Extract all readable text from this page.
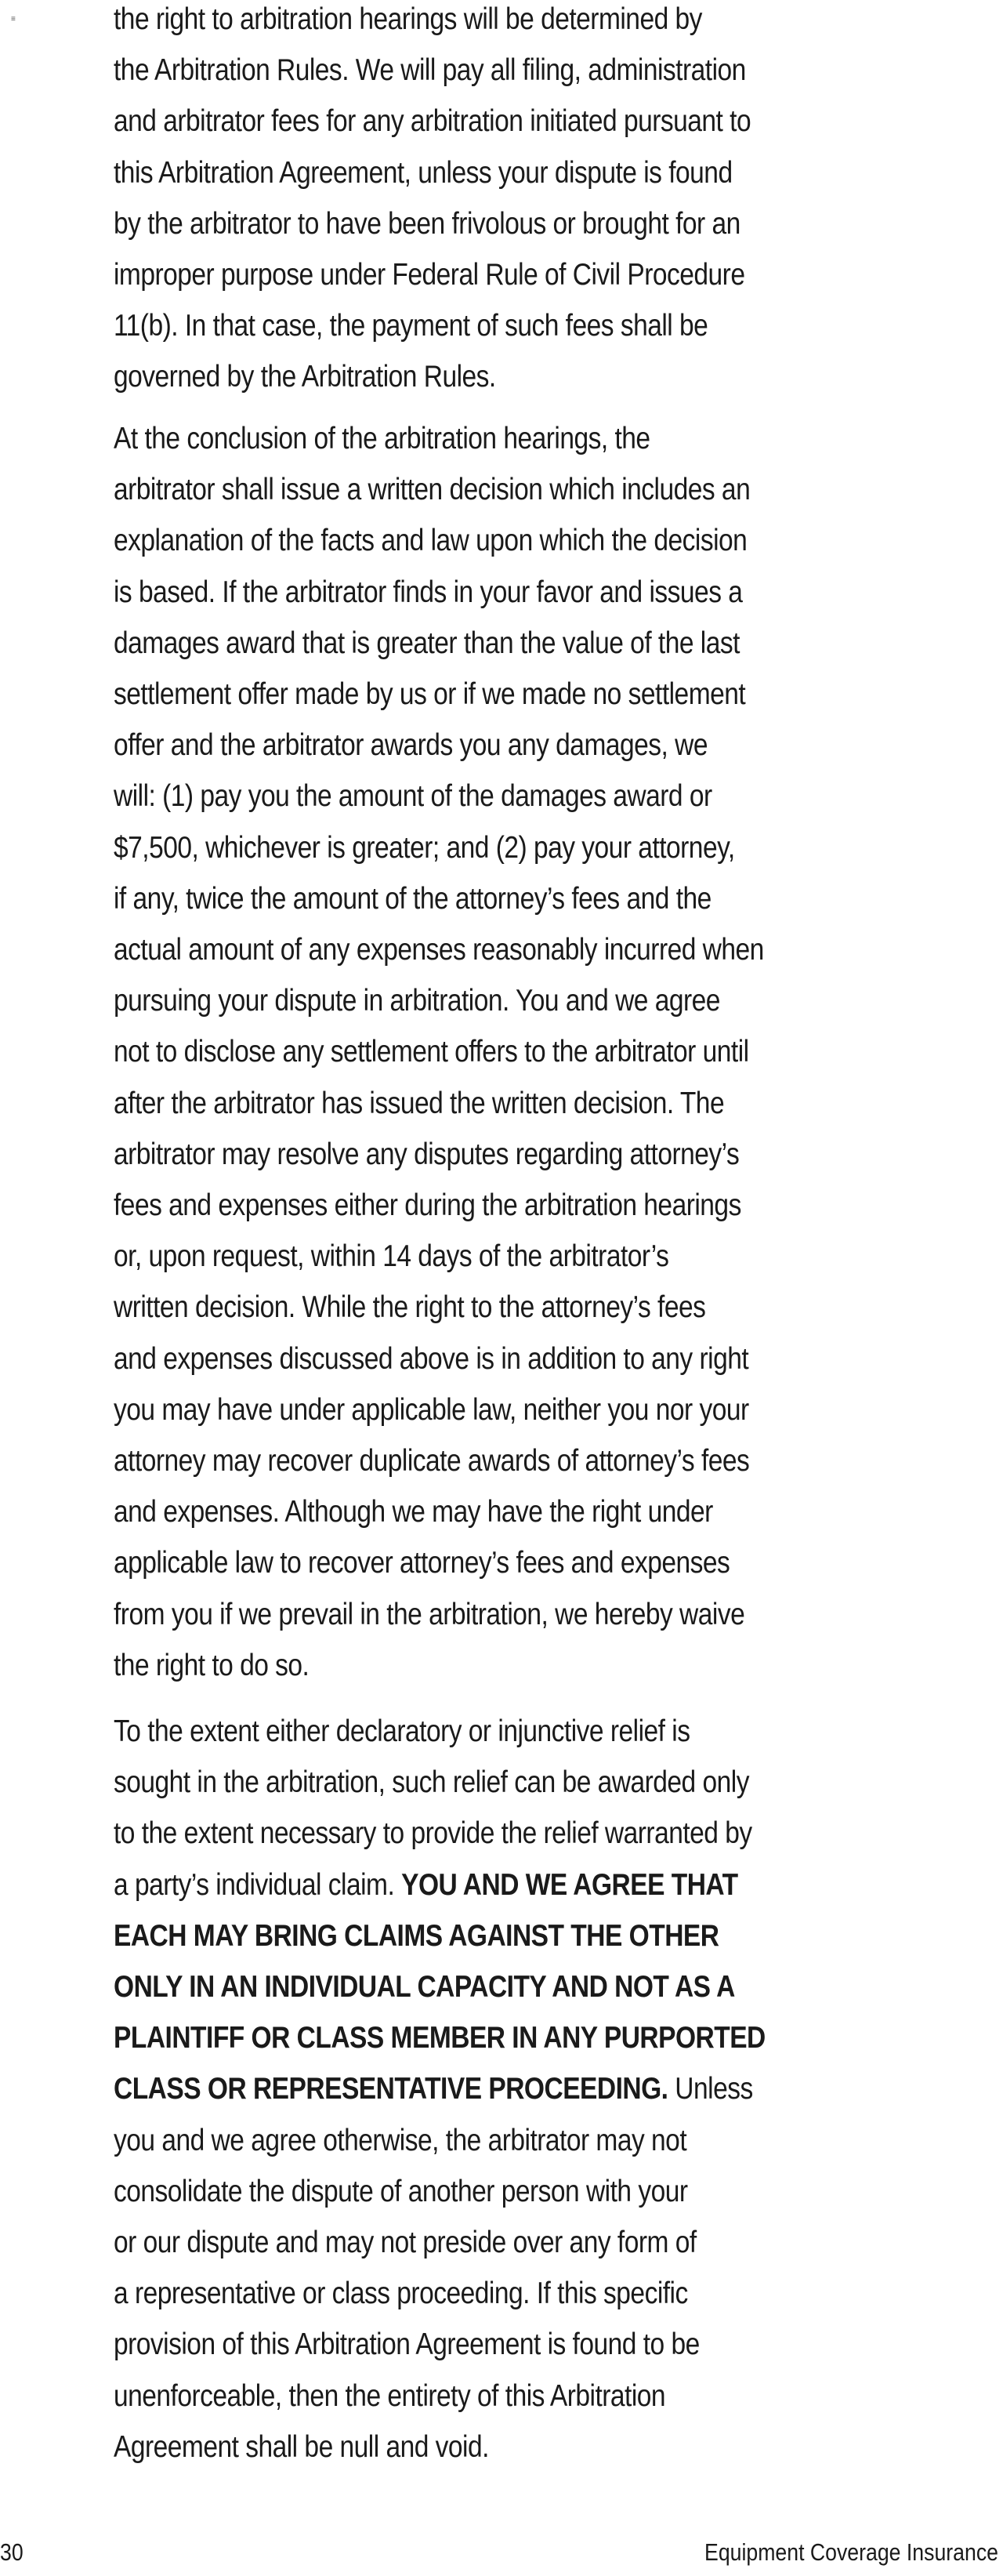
≡	the right to arbitration hearings will be determined by
the Arbitration Rules. We will pay all filing, administration
and arbitrator fees for any arbitration initiated pursuant to
this Arbitration Agreement, unless your dispute is found
by the arbitrator to have been frivolous or brought for an
improper purpose under Federal Rule of Civil Procedure
11(b). In that case, the payment of such fees shall be
governed by the Arbitration Rules.

At the conclusion of the arbitration hearings, the
arbitrator shall issue a written decision which includes an
explanation of the facts and law upon which the decision
is based. If the arbitrator finds in your favor and issues a
damages award that is greater than the value of the last
settlement offer made by us or if we made no settlement
offer and the arbitrator awards you any damages, we
will: (1) pay you the amount of the damages award or
$7,500, whichever is greater; and (2) pay your attorney,
if any, twice the amount of the attorney’s fees and the
actual amount of any expenses reasonably incurred when
pursuing your dispute in arbitration. You and we agree
not to disclose any settlement offers to the arbitrator until
after the arbitrator has issued the written decision. The
arbitrator may resolve any disputes regarding attorney’s
fees and expenses either during the arbitration hearings
or, upon request, within 14 days of the arbitrator’s
written decision. While the right to the attorney’s fees
and expenses discussed above is in addition to any right
you may have under applicable law, neither you nor your
attorney may recover duplicate awards of attorney’s fees
and expenses. Although we may have the right under
applicable law to recover attorney’s fees and expenses
from you if we prevail in the arbitration, we hereby waive
the right to do so.

To the extent either declaratory or injunctive relief is
sought in the arbitration, such relief can be awarded only
to the extent necessary to provide the relief warranted by
a party’s individual claim. YOU AND WE AGREE THAT
EACH MAY BRING CLAIMS AGAINST THE OTHER
ONLY IN AN INDIVIDUAL CAPACITY AND NOT AS A
PLAINTIFF OR CLASS MEMBER IN ANY PURPORTED
CLASS OR REPRESENTATIVE PROCEEDING. Unless
you and we agree otherwise, the arbitrator may not
consolidate the dispute of another person with your
or our dispute and may not preside over any form of
a representative or class proceeding. If this specific
provision of this Arbitration Agreement is found to be
unenforceable, then the entirety of this Arbitration
Agreement shall be null and void.

30	Equipment Coverage Insurance
